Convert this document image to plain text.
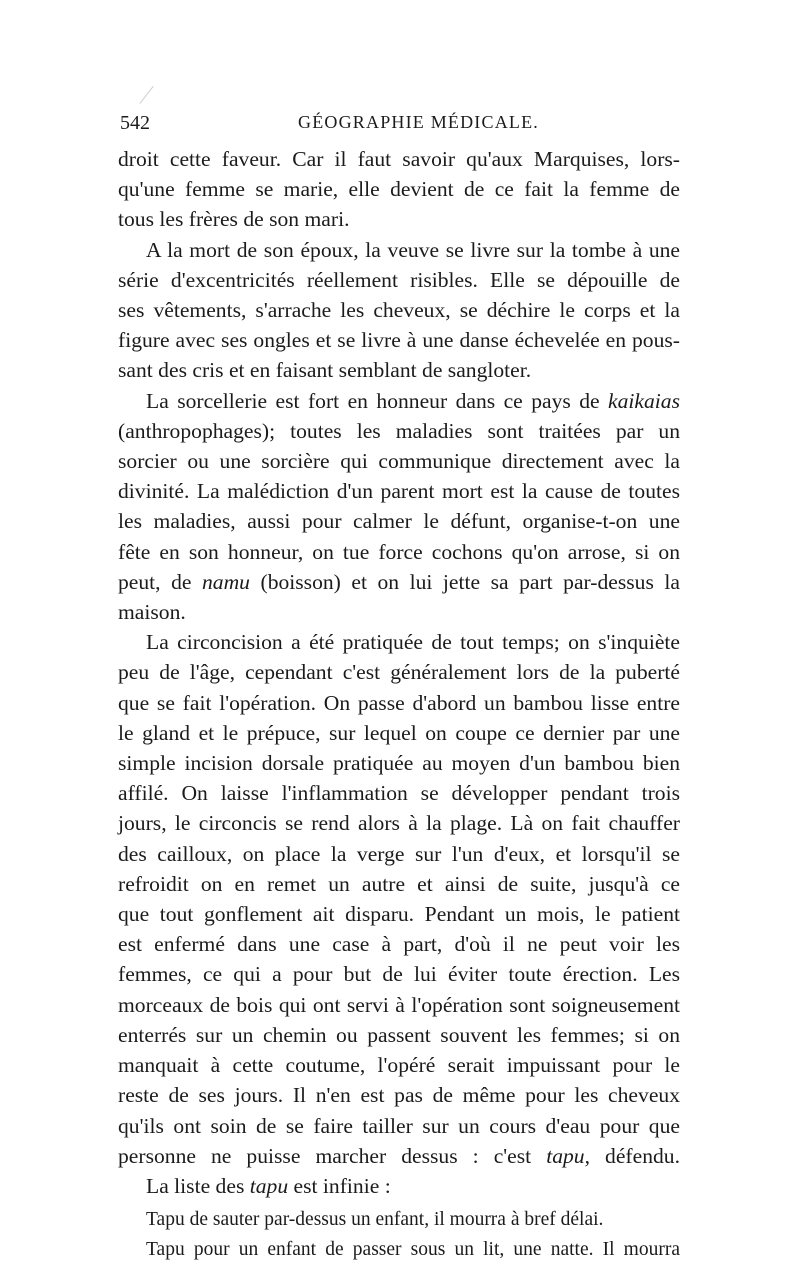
542	GÉOGRAPHIE MÉDICALE.

droit cette faveur. Car il faut savoir qu'aux Marquises, lors-
qu'une femme se marie, elle devient de ce fait la femme de
tous les frères de son mari.

A la mort de son époux, la veuve se livre sur la tombe à une
série d'excentricités réellement risibles. Elle se dépouille de
ses vêtements, s'arrache les cheveux, se déchire le corps et la
figure avec ses ongles et se livre à une danse échevelée en pous-
sant des cris et en faisant semblant de sangloter.

La sorcellerie est fort en honneur dans ce pays de kaikaias
(anthropophages); toutes les maladies sont traitées par un
sorcier ou une sorcière qui communique directement avec la
divinité. La malédiction d'un parent mort est la cause de toutes
les maladies, aussi pour calmer le défunt, organise-t-on une
fête en son honneur, on tue force cochons qu'on arrose, si on
peut, de namu (boisson) et on lui jette sa part par-dessus la
maison.

La circoncision a été pratiquée de tout temps; on s'inquiète
peu de l'âge, cependant c'est généralement lors de la puberté
que se fait l'opération. On passe d'abord un bambou lisse entre
le gland et le prépuce, sur lequel on coupe ce dernier par une
simple incision dorsale pratiquée au moyen d'un bambou bien
affilé. On laisse l'inflammation se développer pendant trois
jours, le circoncis se rend alors à la plage. Là on fait chauffer
des cailloux, on place la verge sur l'un d'eux, et lorsqu'il se
refroidit on en remet un autre et ainsi de suite, jusqu'à ce
que tout gonflement ait disparu. Pendant un mois, le patient
est enfermé dans une case à part, d'où il ne peut voir les
femmes, ce qui a pour but de lui éviter toute érection. Les
morceaux de bois qui ont servi à l'opération sont soigneusement
enterrés sur un chemin ou passent souvent les femmes; si on
manquait à cette coutume, l'opéré serait impuissant pour le
reste de ses jours. Il n'en est pas de même pour les cheveux
qu'ils ont soin de se faire tailler sur un cours d'eau pour que
personne ne puisse marcher dessus : c'est tapu, défendu.
La liste des tapu est infinie :

Tapu de sauter par-dessus un enfant, il mourra à bref délai.
Tapu pour un enfant de passer sous un lit, une natte. Il mourra
